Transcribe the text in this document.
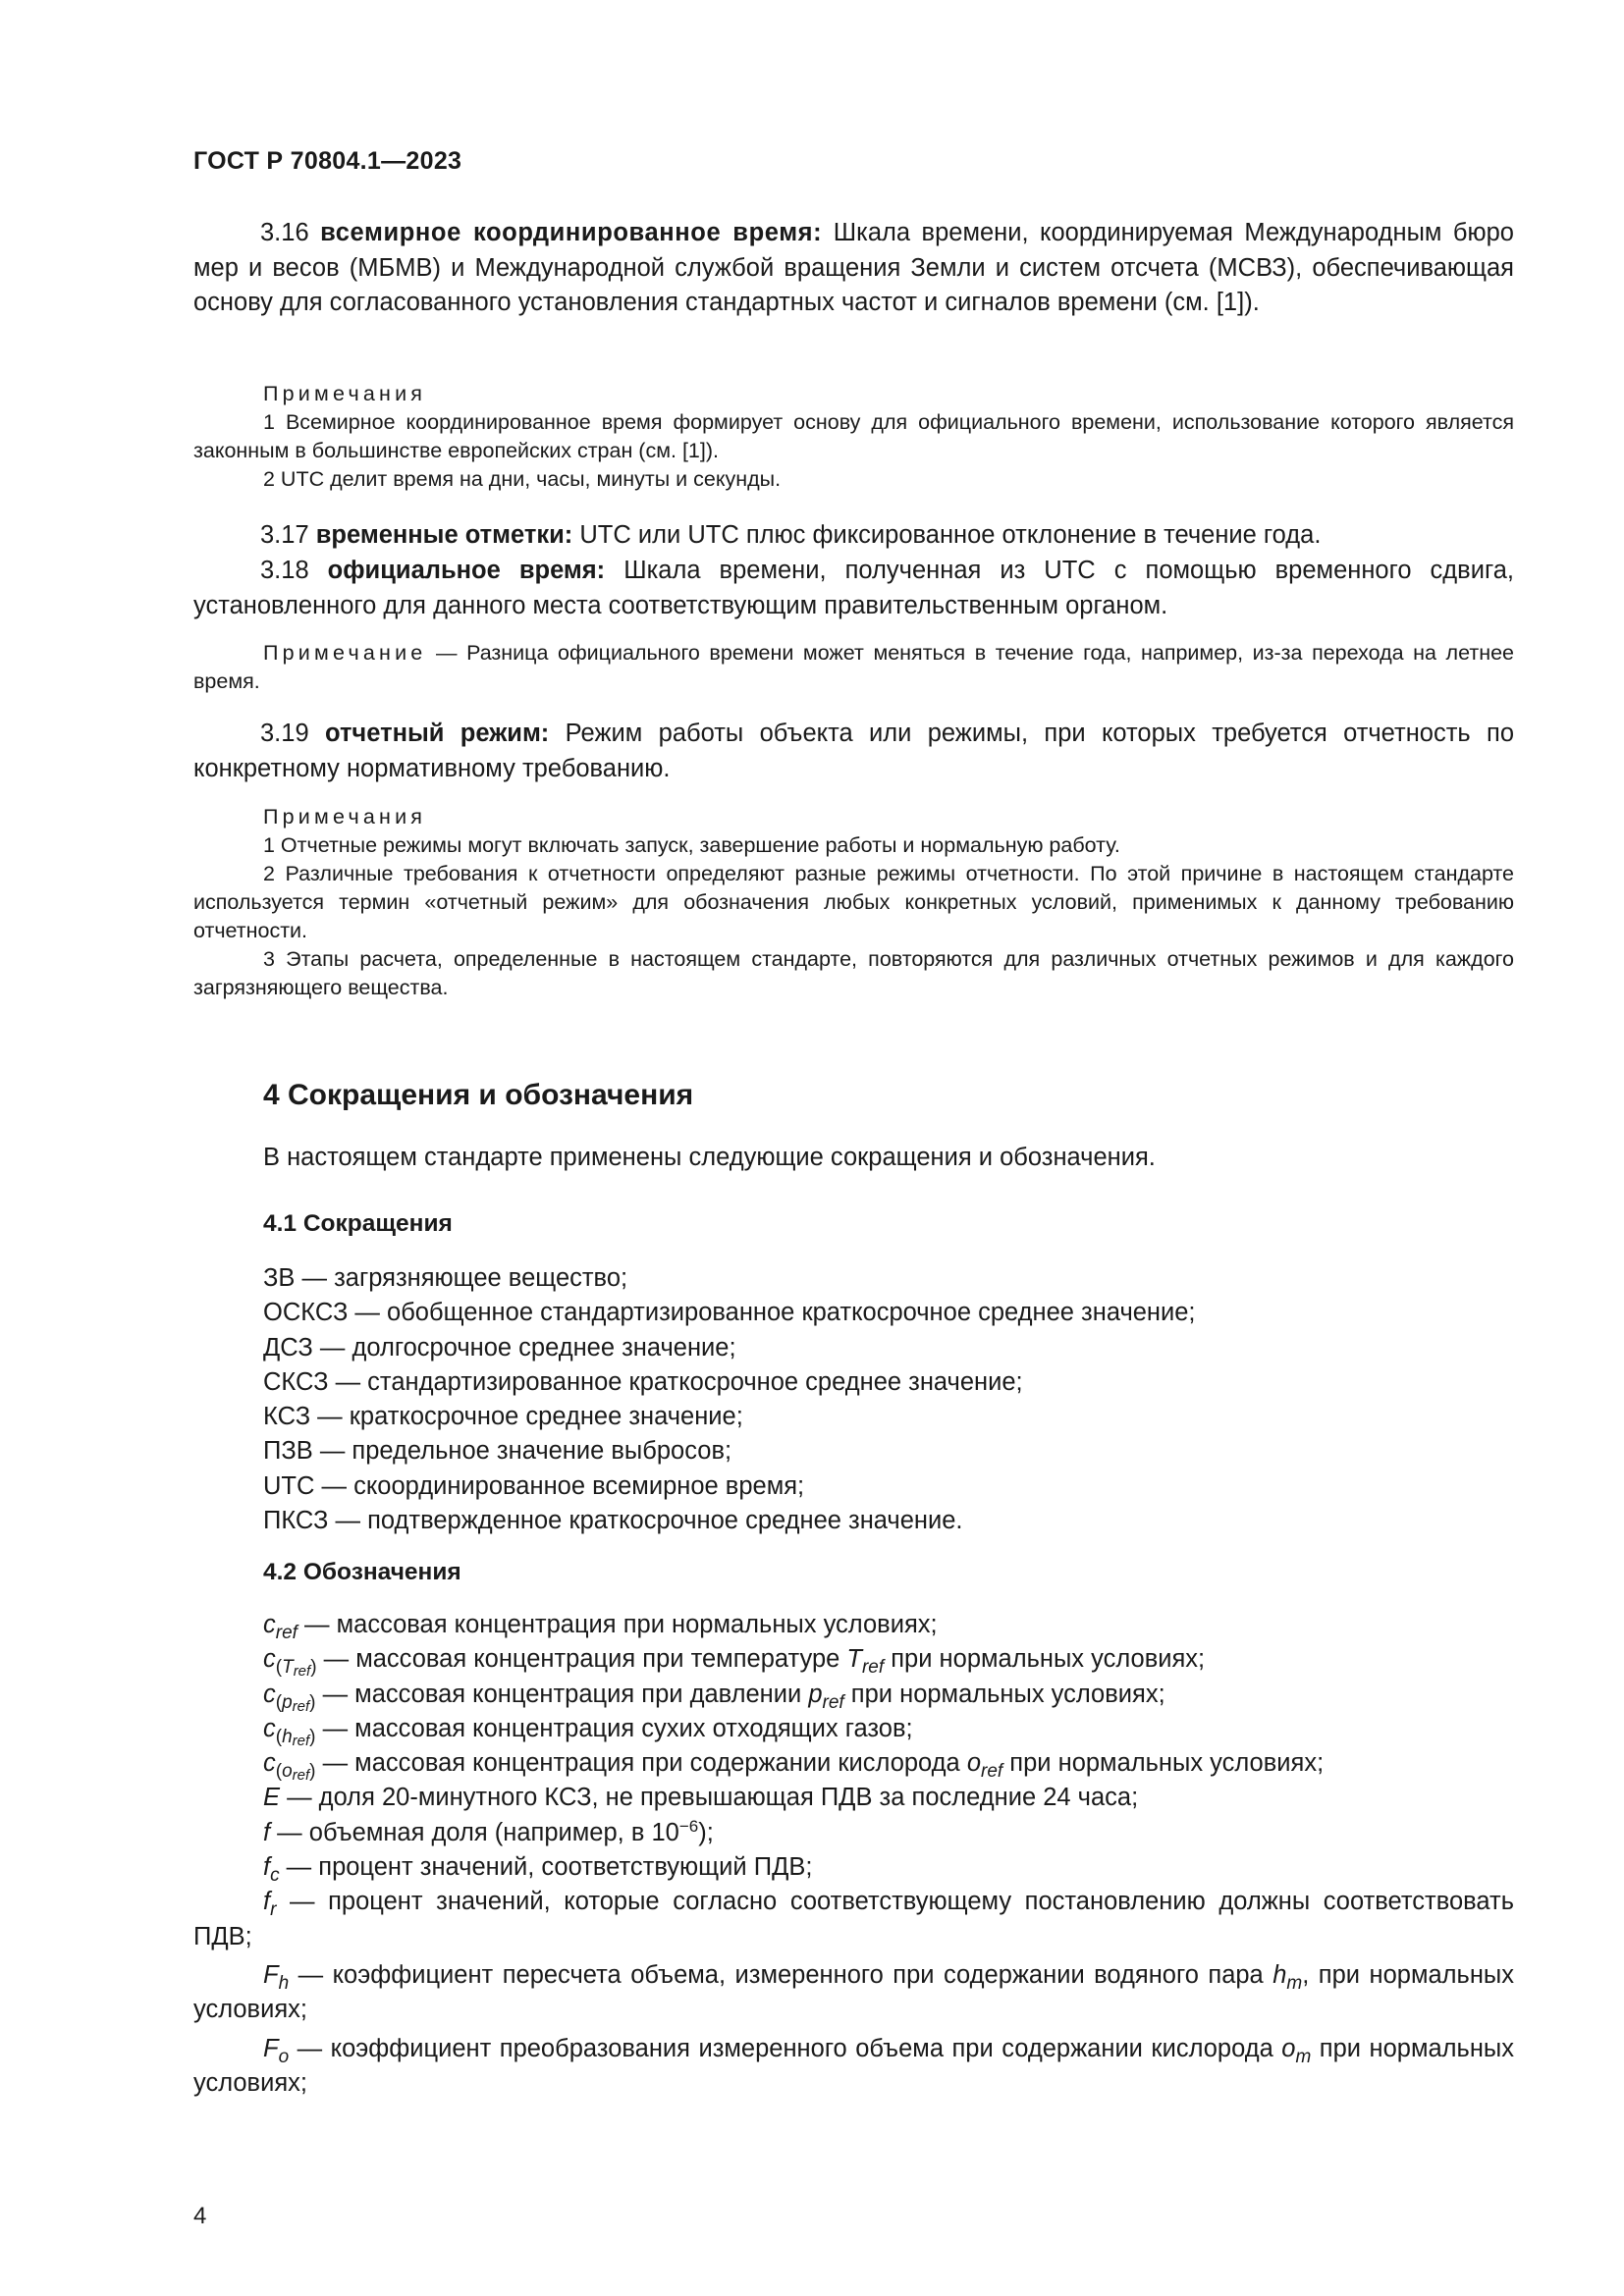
ГОСТ Р 70804.1—2023

3.16 всемирное координированное время: Шкала времени, координируемая Международным бюро мер и весов (МБМВ) и Международной службой вращения Земли и систем отсчета (МСВЗ), обеспечивающая основу для согласованного установления стандартных частот и сигналов времени (см. [1]).

Примечания

1 Всемирное координированное время формирует основу для официального времени, использование которого является законным в большинстве европейских стран (см. [1]).

2 UTC делит время на дни, часы, минуты и секунды.

3.17 временные отметки: UTC или UTC плюс фиксированное отклонение в течение года.

3.18 официальное время: Шкала времени, полученная из UTC с помощью временного сдвига, установленного для данного места соответствующим правительственным органом.

Примечание — Разница официального времени может меняться в течение года, например, из-за перехода на летнее время.

3.19 отчетный режим: Режим работы объекта или режимы, при которых требуется отчетность по конкретному нормативному требованию.

Примечания

1 Отчетные режимы могут включать запуск, завершение работы и нормальную работу.

2 Различные требования к отчетности определяют разные режимы отчетности. По этой причине в настоящем стандарте используется термин «отчетный режим» для обозначения любых конкретных условий, применимых к данному требованию отчетности.

3 Этапы расчета, определенные в настоящем стандарте, повторяются для различных отчетных режимов и для каждого загрязняющего вещества.

4 Сокращения и обозначения

В настоящем стандарте применены следующие сокращения и обозначения.

4.1 Сокращения

ЗВ — загрязняющее вещество;

ОСКСЗ — обобщенное стандартизированное краткосрочное среднее значение;

ДСЗ — долгосрочное среднее значение;

СКСЗ — стандартизированное краткосрочное среднее значение;

КСЗ — краткосрочное среднее значение;

ПЗВ — предельное значение выбросов;

UTC — скоординированное всемирное время;

ПКСЗ — подтвержденное краткосрочное среднее значение.

4.2 Обозначения

$c_{ref}$ — массовая концентрация при нормальных условиях;

$c_{(T_{ref})}$ — массовая концентрация при температуре $T_{ref}$ при нормальных условиях;

$c_{(p_{ref})}$ — массовая концентрация при давлении $p_{ref}$ при нормальных условиях;

$c_{(h_{ref})}$ — массовая концентрация сухих отходящих газов;

$c_{(o_{ref})}$ — массовая концентрация при содержании кислорода $o_{ref}$ при нормальных условиях;

E — доля 20-минутного КСЗ, не превышающая ПДВ за последние 24 часа;

f — объемная доля (например, в $10^{-6}$);

$f_c$ — процент значений, соответствующий ПДВ;

$f_r$ — процент значений, которые согласно соответствующему постановлению должны соответствовать ПДВ;

$F_h$ — коэффициент пересчета объема, измеренного при содержании водяного пара $h_m$, при нормальных условиях;

$F_o$ — коэффициент преобразования измеренного объема при содержании кислорода $o_m$ при нормальных условиях;

4
